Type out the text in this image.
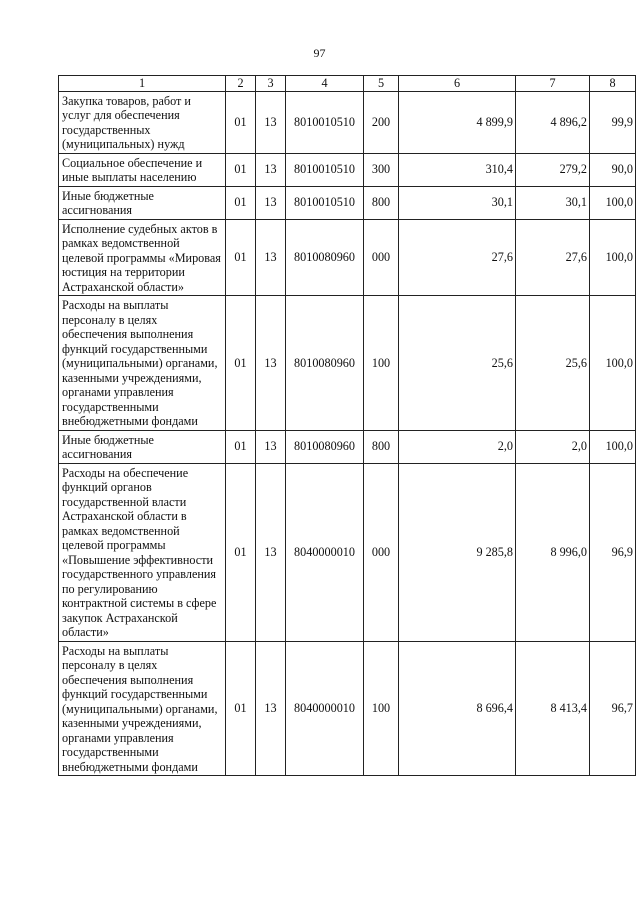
97
1	2	3	4	5	6	7	8
Закупка товаров, работ и услуг для обеспечения государственных (муниципальных) нужд	01	13	8010010510	200	4 899,9	4 896,2	99,9
Социальное обеспечение и иные выплаты населению	01	13	8010010510	300	310,4	279,2	90,0
Иные бюджетные ассигнования	01	13	8010010510	800	30,1	30,1	100,0
Исполнение судебных актов в рамках ведомственной целевой программы «Мировая юстиция на территории Астраханской области»	01	13	8010080960	000	27,6	27,6	100,0
Расходы на выплаты персоналу в целях обеспечения выполнения функций государственными (муниципальными) органами, казенными учреждениями, органами управления государственными внебюджетными фондами	01	13	8010080960	100	25,6	25,6	100,0
Иные бюджетные ассигнования	01	13	8010080960	800	2,0	2,0	100,0
Расходы на обеспечение функций органов государственной власти Астраханской области в рамках ведомственной целевой программы «Повышение эффективности государственного управления по регулированию контрактной системы в сфере закупок Астраханской области»	01	13	8040000010	000	9 285,8	8 996,0	96,9
Расходы на выплаты персоналу в целях обеспечения выполнения функций государственными (муниципальными) органами, казенными учреждениями, органами управления государственными внебюджетными фондами	01	13	8040000010	100	8 696,4	8 413,4	96,7
